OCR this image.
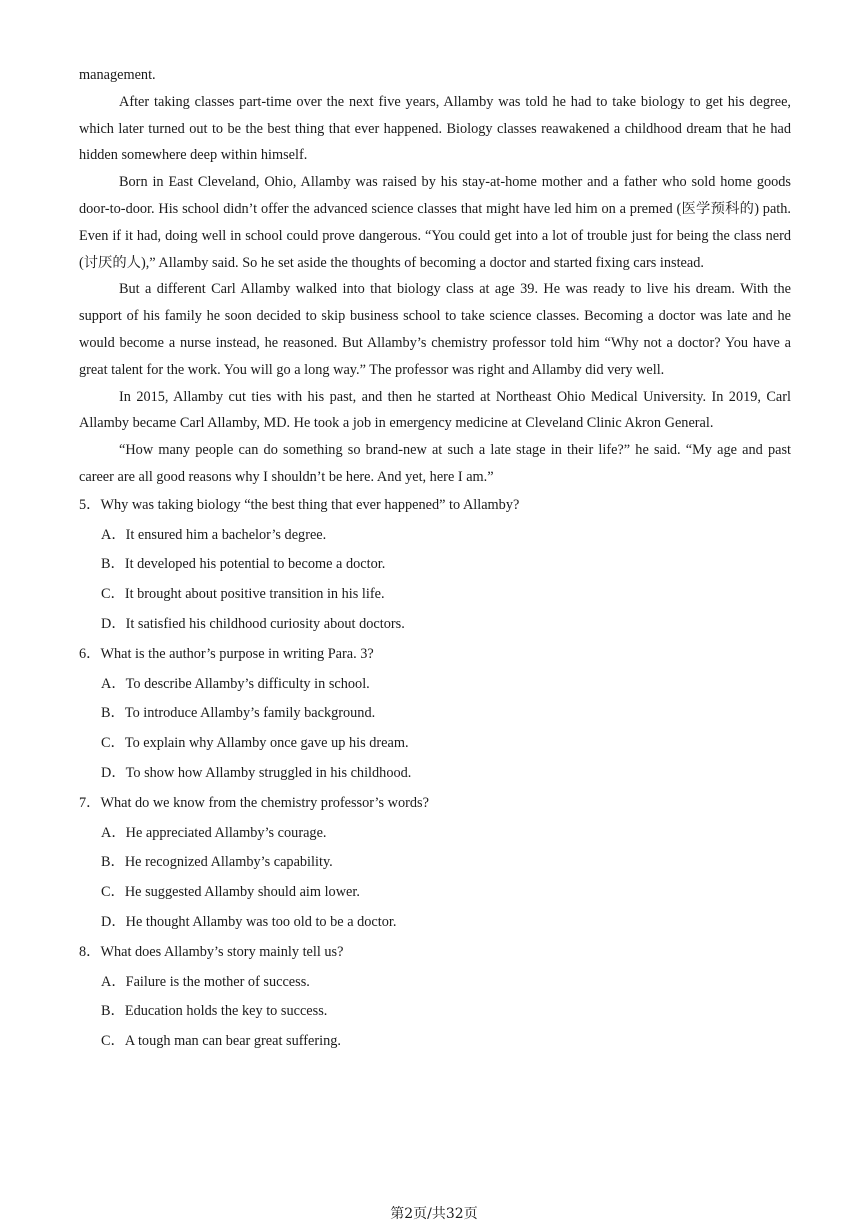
management.

After taking classes part-time over the next five years, Allamby was told he had to take biology to get his degree, which later turned out to be the best thing that ever happened. Biology classes reawakened a childhood dream that he had hidden somewhere deep within himself.

Born in East Cleveland, Ohio, Allamby was raised by his stay-at-home mother and a father who sold home goods door-to-door. His school didn’t offer the advanced science classes that might have led him on a premed (医学预科的) path. Even if it had, doing well in school could prove dangerous. “You could get into a lot of trouble just for being the class nerd (讨厌的人),” Allamby said. So he set aside the thoughts of becoming a doctor and started fixing cars instead.

But a different Carl Allamby walked into that biology class at age 39. He was ready to live his dream. With the support of his family he soon decided to skip business school to take science classes. Becoming a doctor was late and he would become a nurse instead, he reasoned. But Allamby’s chemistry professor told him “Why not a doctor? You have a great talent for the work. You will go a long way.” The professor was right and Allamby did very well.

In 2015, Allamby cut ties with his past, and then he started at Northeast Ohio Medical University. In 2019, Carl Allamby became Carl Allamby, MD. He took a job in emergency medicine at Cleveland Clinic Akron General.

“How many people can do something so brand-new at such a late stage in their life?” he said. “My age and past career are all good reasons why I shouldn’t be here. And yet, here I am.”

5．Why was taking biology “the best thing that ever happened” to Allamby?

A．It ensured him a bachelor’s degree.

B．It developed his potential to become a doctor.

C．It brought about positive transition in his life.

D．It satisfied his childhood curiosity about doctors.

6．What is the author’s purpose in writing Para. 3?

A．To describe Allamby’s difficulty in school.

B．To introduce Allamby’s family background.

C．To explain why Allamby once gave up his dream.

D．To show how Allamby struggled in his childhood.

7．What do we know from the chemistry professor’s words?

A．He appreciated Allamby’s courage.

B．He recognized Allamby’s capability.

C．He suggested Allamby should aim lower.

D．He thought Allamby was too old to be a doctor.

8．What does Allamby’s story mainly tell us?

A．Failure is the mother of success.

B．Education holds the key to success.

C．A tough man can bear great suffering.

第2页/共32页
